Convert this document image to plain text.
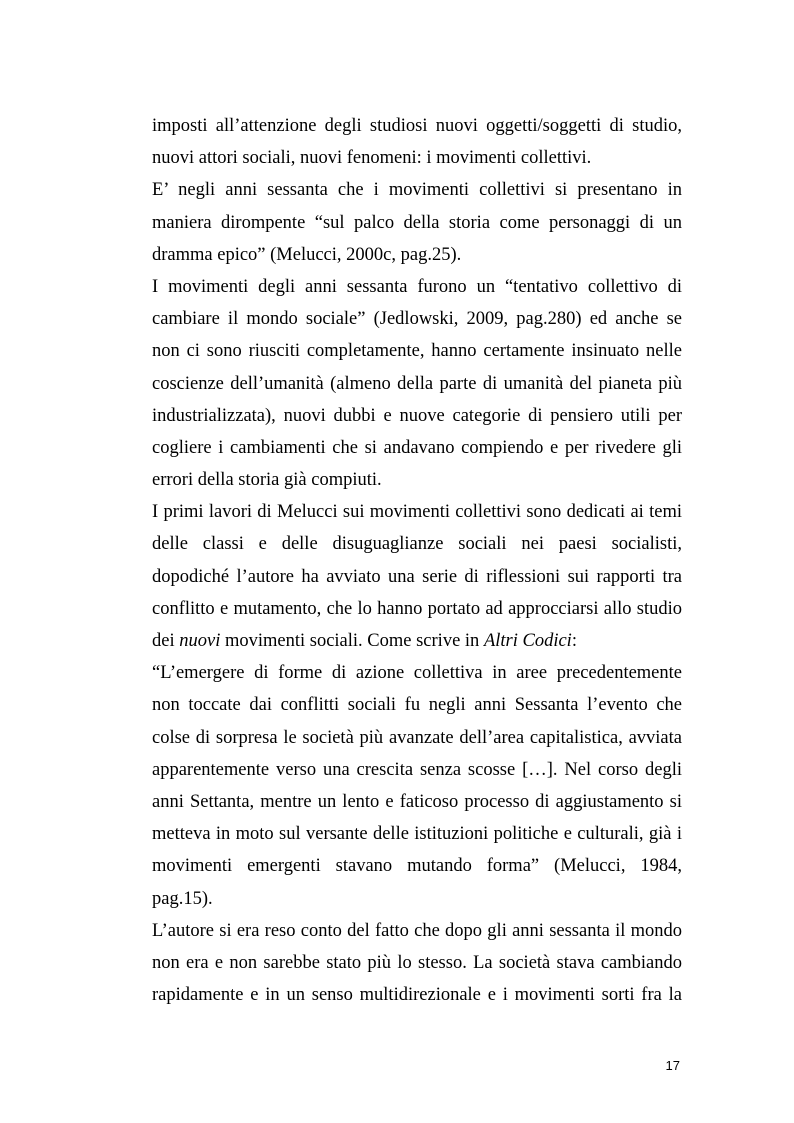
imposti all’attenzione degli studiosi nuovi oggetti/soggetti di studio,
nuovi attori sociali, nuovi fenomeni: i movimenti collettivi.
E’ negli anni sessanta che i movimenti collettivi si presentano in
maniera dirompente “sul palco della storia come personaggi di un
dramma epico” (Melucci, 2000c, pag.25).
I movimenti degli anni sessanta furono un “tentativo collettivo di
cambiare il mondo sociale” (Jedlowski, 2009, pag.280) ed anche se
non ci sono riusciti completamente, hanno certamente insinuato nelle
coscienze dell’umanità (almeno della parte di umanità del pianeta più
industrializzata), nuovi dubbi e nuove categorie di pensiero utili per
cogliere i cambiamenti che si andavano compiendo e per rivedere gli
errori della storia già compiuti.
I primi lavori di Melucci sui movimenti collettivi sono dedicati ai temi
delle classi e delle disuguaglianze sociali nei paesi socialisti,
dopodiché l’autore ha avviato una serie di riflessioni sui rapporti tra
conflitto e mutamento, che lo hanno portato ad approcciarsi allo studio
dei nuovi movimenti sociali. Come scrive in Altri Codici:
“L’emergere di forme di azione collettiva in aree precedentemente
non toccate dai conflitti sociali fu negli anni Sessanta l’evento che
colse di sorpresa le società più avanzate dell’area capitalistica, avviata
apparentemente verso una crescita senza scosse […]. Nel corso degli
anni Settanta, mentre un lento e faticoso processo di aggiustamento si
metteva in moto sul versante delle istituzioni politiche e culturali, già i
movimenti emergenti stavano mutando forma” (Melucci, 1984,
pag.15).
L’autore si era reso conto del fatto che dopo gli anni sessanta il mondo
non era e non sarebbe stato più lo stesso. La società stava cambiando
rapidamente e in un senso multidirezionale e i movimenti sorti fra la
17
